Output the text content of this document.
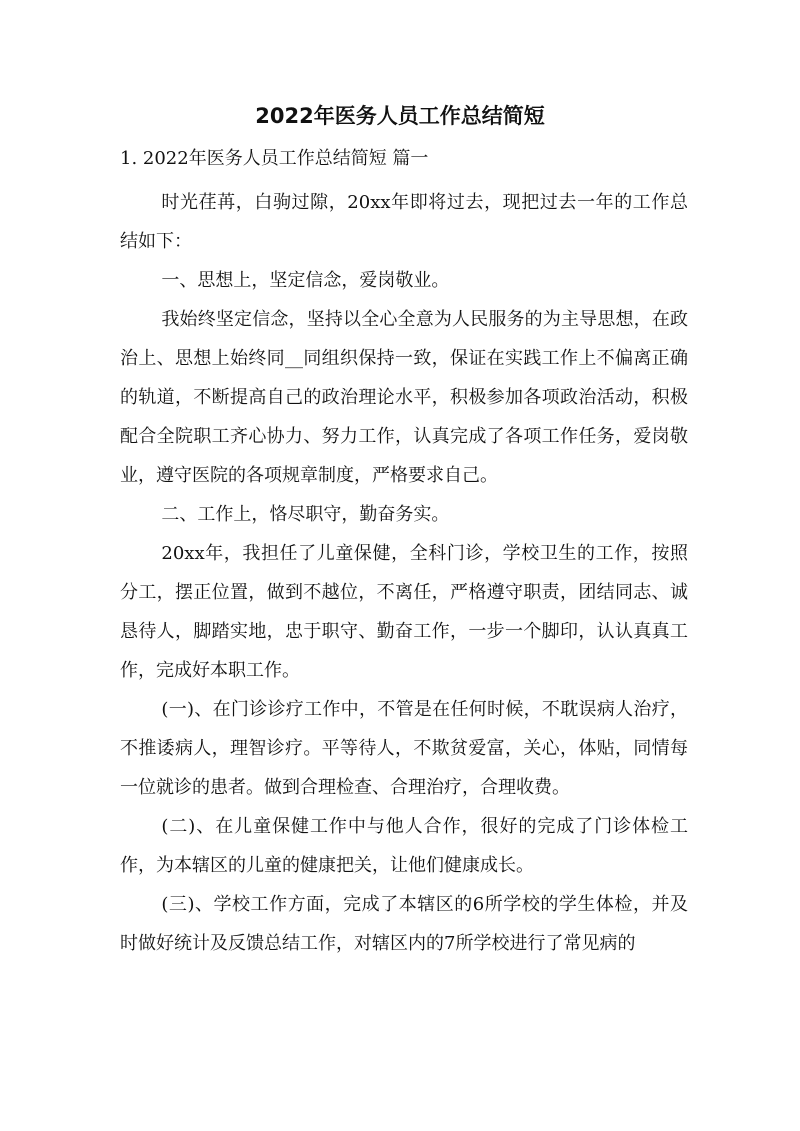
2022年医务人员工作总结简短

1. 2022年医务人员工作总结简短 篇一

时光荏苒，白驹过隙，20xx年即将过去，现把过去一年的工作总结如下：

一、思想上，坚定信念，爱岗敬业。

我始终坚定信念，坚持以全心全意为人民服务的为主导思想，在政治上、思想上始终同__同组织保持一致，保证在实践工作上不偏离正确的轨道，不断提高自己的政治理论水平，积极参加各项政治活动，积极配合全院职工齐心协力、努力工作，认真完成了各项工作任务，爱岗敬业，遵守医院的各项规章制度，严格要求自己。

二、工作上，恪尽职守，勤奋务实。

20xx年，我担任了儿童保健，全科门诊，学校卫生的工作，按照分工，摆正位置，做到不越位，不离任，严格遵守职责，团结同志、诚恳待人，脚踏实地，忠于职守、勤奋工作，一步一个脚印，认认真真工作，完成好本职工作。

(一)、在门诊诊疗工作中，不管是在任何时候，不耽误病人治疗，不推诿病人，理智诊疗。平等待人，不欺贫爱富，关心，体贴，同情每一位就诊的患者。做到合理检查、合理治疗，合理收费。

(二)、在儿童保健工作中与他人合作，很好的完成了门诊体检工作，为本辖区的儿童的健康把关，让他们健康成长。

(三)、学校工作方面，完成了本辖区的6所学校的学生体检，并及时做好统计及反馈总结工作，对辖区内的7所学校进行了常见病的
